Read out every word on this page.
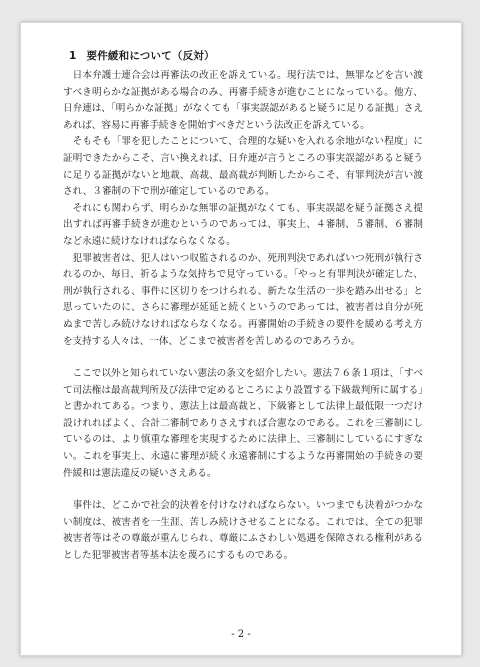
1 要件緩和について（反対）

日本弁護士連合会は再審法の改正を訴えている。現行法では、無罪などを言い渡すべき明らかな証拠がある場合のみ、再審手続きが進むことになっている。他方、日弁連は、「明らかな証拠」がなくても「事実誤認があると疑うに足りる証拠」さえあれば、容易に再審手続きを開始すべきだという法改正を訴えている。

そもそも「罪を犯したことについて、合理的な疑いを入れる余地がない程度」に証明できたからこそ、言い換えれば、日弁連が言うところの事実誤認があると疑うに足りる証拠がないと地裁、高裁、最高裁が判断したからこそ、有罪判決が言い渡され、３審制の下で刑が確定しているのである。

それにも関わらず、明らかな無罪の証拠がなくても、事実誤認を疑う証拠さえ提出すれば再審手続きが進むというのであっては、事実上、４審制、５審制、６審制など永遠に続けなければならなくなる。

犯罪被害者は、犯人はいつ収監されるのか、死刑判決であればいつ死刑が執行されるのか、毎日、祈るような気持ちで見守っている。「やっと有罪判決が確定した、刑が執行される、事件に区切りをつけられる、新たな生活の一歩を踏み出せる」と思っていたのに、さらに審理が延延と続くというのであっては、被害者は自分が死ぬまで苦しみ続けなければならなくなる。再審開始の手続きの要件を緩める考え方を支持する人々は、一体、どこまで被害者を苦しめるのであろうか。

ここで以外と知られていない憲法の条文を紹介したい。憲法７６条１項は、「すべて司法権は最高裁判所及び法律で定めるところにより設置する下級裁判所に属する」と書かれてある。つまり、憲法上は最高裁と、下級審として法律上最低限一つだけ設けれればよく、合計二審制でありさえすれば合憲なのである。これを三審制にしているのは、より慎重な審理を実現するために法律上、三審制にしているにすぎない。これを事実上、永遠に審理が続く永遠審制にするような再審開始の手続きの要件緩和は憲法違反の疑いさえある。

事件は、どこかで社会的決着を付けなければならない。いつまでも決着がつかない制度は、被害者を一生涯、苦しみ続けさせることになる。これでは、全ての犯罪被害者等はその尊厳が重んじられ、尊厳にふさわしい処遇を保障される権利があるとした犯罪被害者等基本法を蔑ろにするものである。

- 2 -
